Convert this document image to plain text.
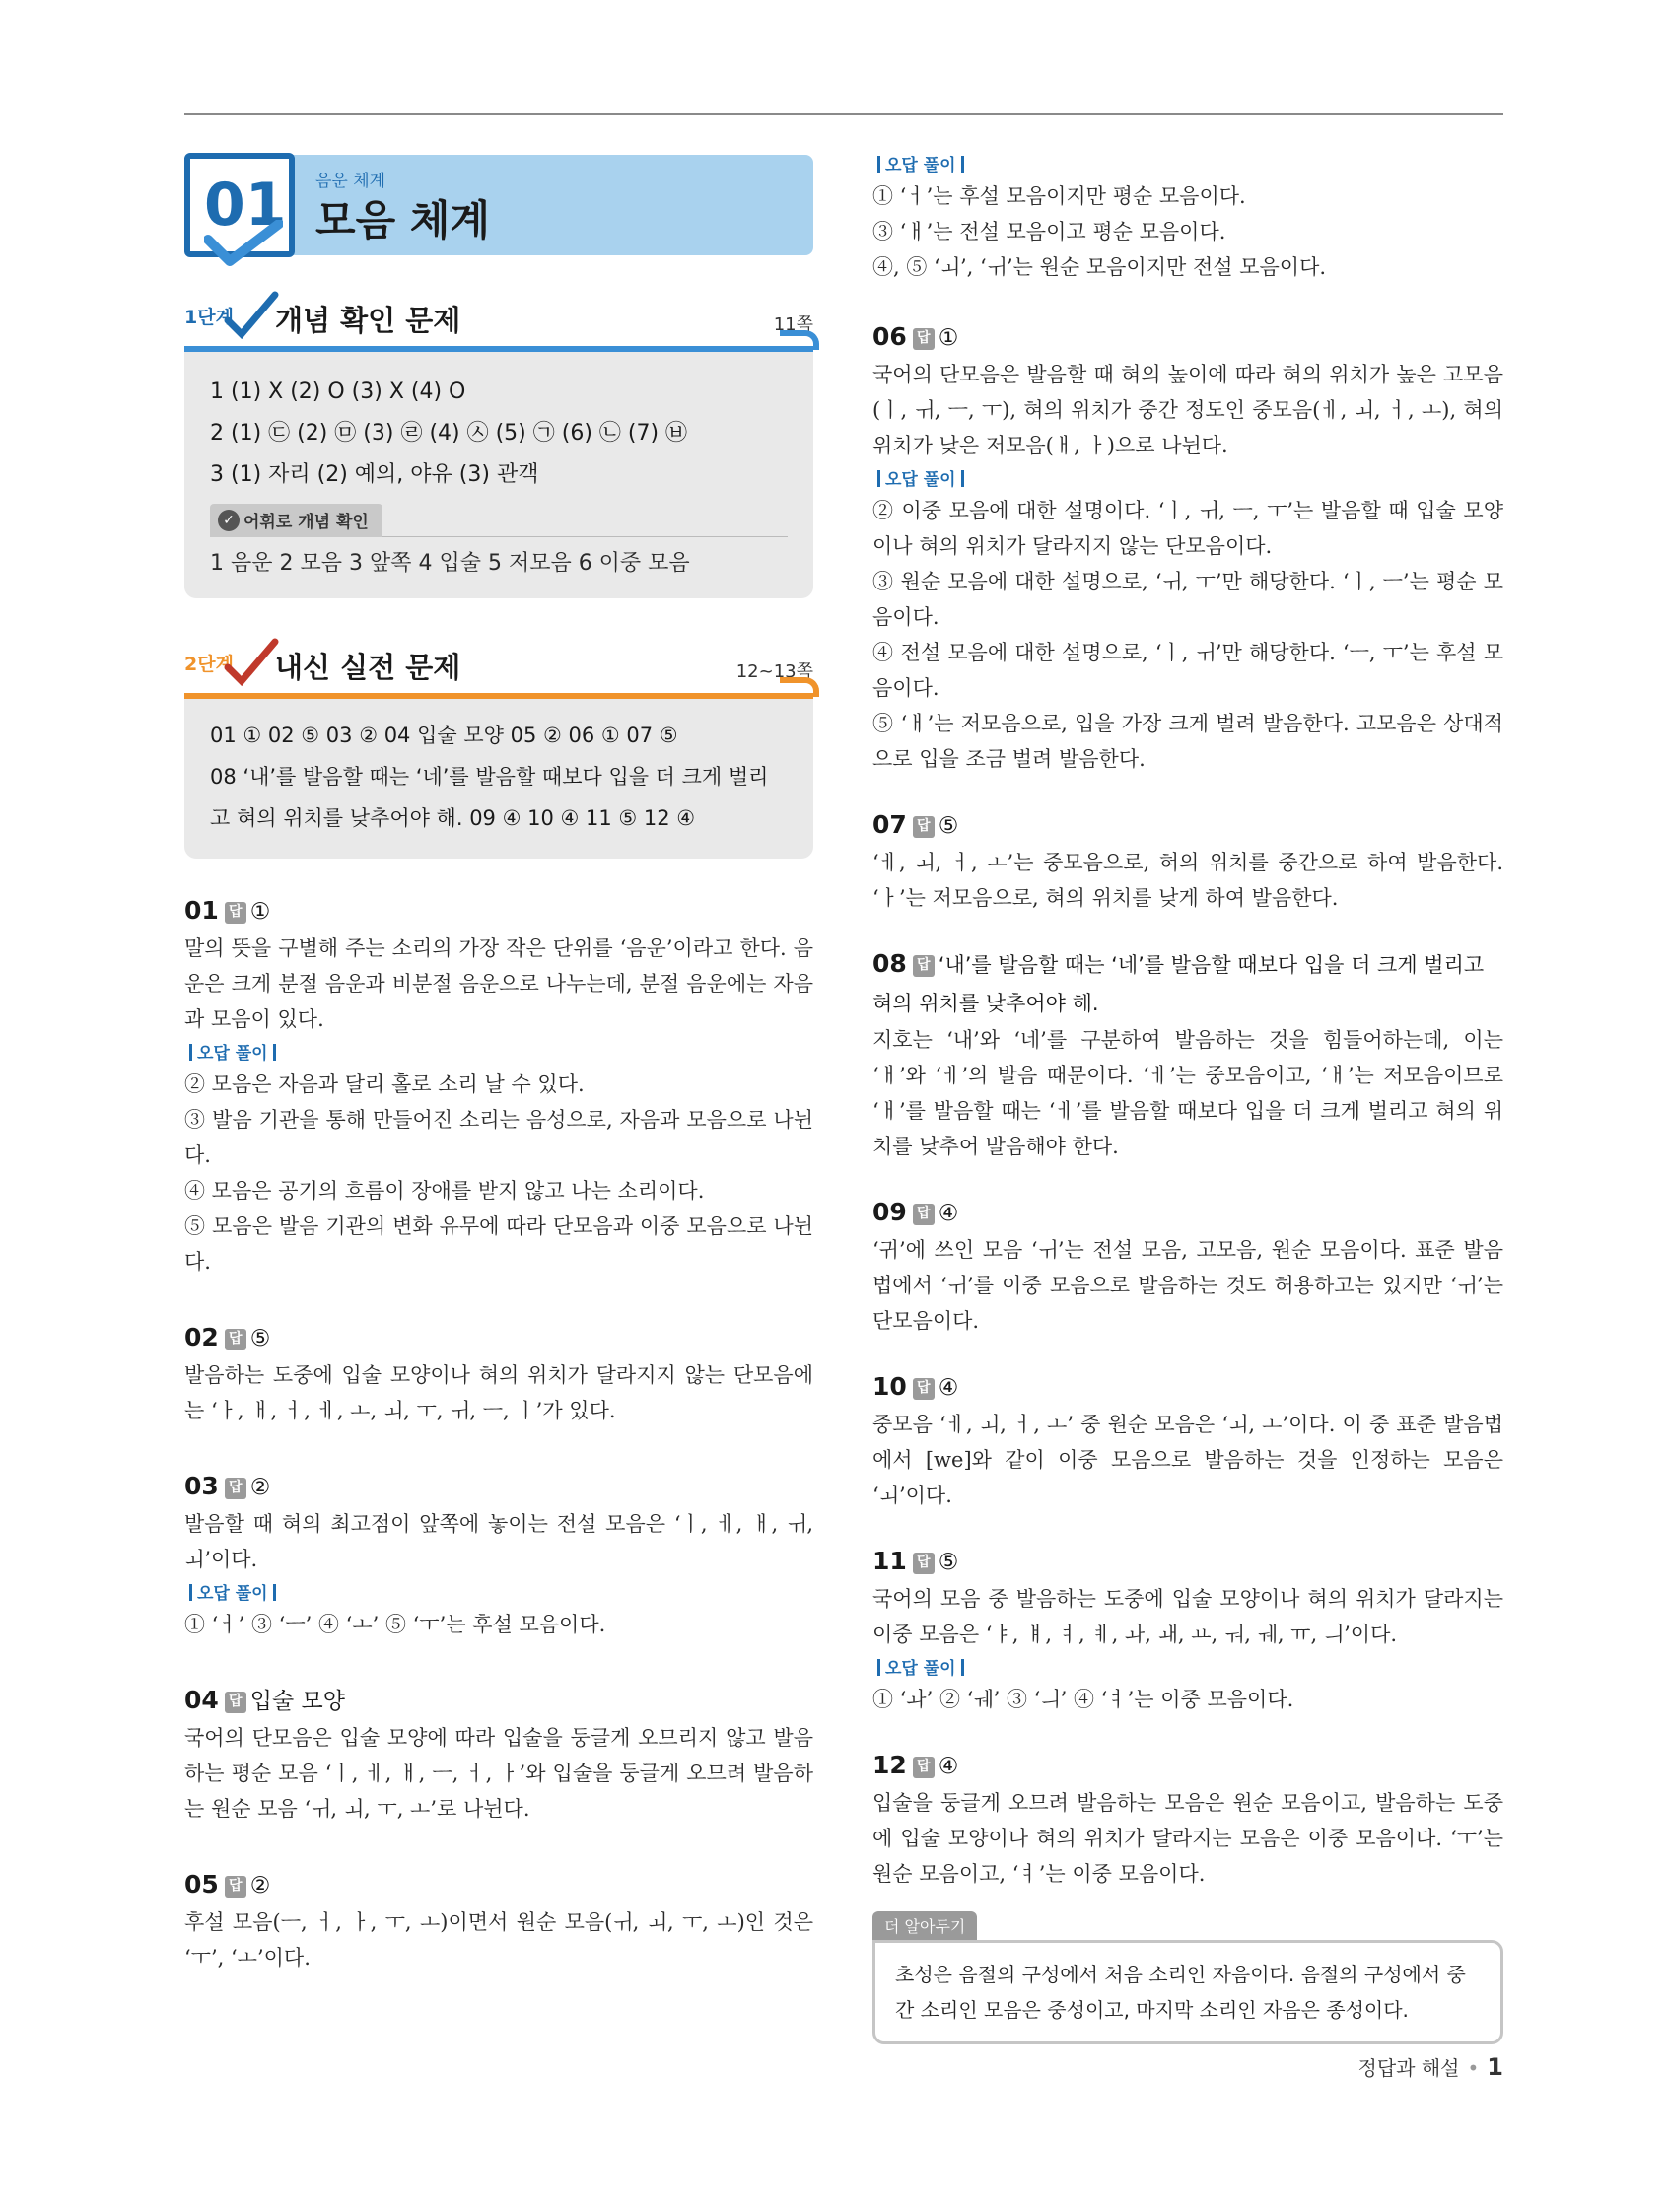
01 음운 체계
모음 체계
1단계 개념 확인 문제	11쪽
1 (1) X (2) O (3) X (4) O
2 (1) ㉢ (2) ㉤ (3) ㉣ (4) ㉦ (5) ㉠ (6) ㉡ (7) ㉥
3 (1) 자리 (2) 예의, 야유 (3) 관객
✓ 어휘로 개념 확인
1 음운 2 모음 3 앞쪽 4 입술 5 저모음 6 이중 모음
2단계 내신 실전 문제	12~13쪽
01 ① 02 ⑤ 03 ② 04 입술 모양 05 ② 06 ① 07 ⑤
08 ‘내’를 발음할 때는 ‘네’를 발음할 때보다 입을 더 크게 벌리
고 혀의 위치를 낮추어야 해. 09 ④ 10 ④ 11 ⑤ 12 ④
01 답 ①
말의 뜻을 구별해 주는 소리의 가장 작은 단위를 ‘음운’이라고 한다. 음운은 크게 분절 음운과 비분절 음운으로 나누는데, 분절 음운에는 자음과 모음이 있다.
오답 풀이
② 모음은 자음과 달리 홀로 소리 날 수 있다.
③ 발음 기관을 통해 만들어진 소리는 음성으로, 자음과 모음으로 나뉜다.
④ 모음은 공기의 흐름이 장애를 받지 않고 나는 소리이다.
⑤ 모음은 발음 기관의 변화 유무에 따라 단모음과 이중 모음으로 나뉜다.
02 답 ⑤
발음하는 도중에 입술 모양이나 혀의 위치가 달라지지 않는 단모음에는 ‘ㅏ, ㅐ, ㅓ, ㅔ, ㅗ, ㅚ, ㅜ, ㅟ, ㅡ, ㅣ’가 있다.
03 답 ②
발음할 때 혀의 최고점이 앞쪽에 놓이는 전설 모음은 ‘ㅣ, ㅔ, ㅐ, ㅟ, ㅚ’이다.
오답 풀이
① ‘ㅓ’ ③ ‘ㅡ’ ④ ‘ㅗ’ ⑤ ‘ㅜ’는 후설 모음이다.
04 답 입술 모양
국어의 단모음은 입술 모양에 따라 입술을 둥글게 오므리지 않고 발음하는 평순 모음 ‘ㅣ, ㅔ, ㅐ, ㅡ, ㅓ, ㅏ’와 입술을 둥글게 오므려 발음하는 원순 모음 ‘ㅟ, ㅚ, ㅜ, ㅗ’로 나뉜다.
05 답 ②
후설 모음(ㅡ, ㅓ, ㅏ, ㅜ, ㅗ)이면서 원순 모음(ㅟ, ㅚ, ㅜ, ㅗ)인 것은 ‘ㅜ’, ‘ㅗ’이다.
오답 풀이
① ‘ㅓ’는 후설 모음이지만 평순 모음이다.
③ ‘ㅐ’는 전설 모음이고 평순 모음이다.
④, ⑤ ‘ㅚ’, ‘ㅟ’는 원순 모음이지만 전설 모음이다.
06 답 ①
국어의 단모음은 발음할 때 혀의 높이에 따라 혀의 위치가 높은 고모음(ㅣ, ㅟ, ㅡ, ㅜ), 혀의 위치가 중간 정도인 중모음(ㅔ, ㅚ, ㅓ, ㅗ), 혀의 위치가 낮은 저모음(ㅐ, ㅏ)으로 나뉜다.
오답 풀이
② 이중 모음에 대한 설명이다. ‘ㅣ, ㅟ, ㅡ, ㅜ’는 발음할 때 입술 모양이나 혀의 위치가 달라지지 않는 단모음이다.
③ 원순 모음에 대한 설명으로, ‘ㅟ, ㅜ’만 해당한다. ‘ㅣ, ㅡ’는 평순 모음이다.
④ 전설 모음에 대한 설명으로, ‘ㅣ, ㅟ’만 해당한다. ‘ㅡ, ㅜ’는 후설 모음이다.
⑤ ‘ㅐ’는 저모음으로, 입을 가장 크게 벌려 발음한다. 고모음은 상대적으로 입을 조금 벌려 발음한다.
07 답 ⑤
‘ㅔ, ㅚ, ㅓ, ㅗ’는 중모음으로, 혀의 위치를 중간으로 하여 발음한다. ‘ㅏ’는 저모음으로, 혀의 위치를 낮게 하여 발음한다.
08 답 ‘내’를 발음할 때는 ‘네’를 발음할 때보다 입을 더 크게 벌리고 혀의 위치를 낮추어야 해.
지호는 ‘내’와 ‘네’를 구분하여 발음하는 것을 힘들어하는데, 이는 ‘ㅐ’와 ‘ㅔ’의 발음 때문이다. ‘ㅔ’는 중모음이고, ‘ㅐ’는 저모음이므로 ‘ㅐ’를 발음할 때는 ‘ㅔ’를 발음할 때보다 입을 더 크게 벌리고 혀의 위치를 낮추어 발음해야 한다.
09 답 ④
‘귀’에 쓰인 모음 ‘ㅟ’는 전설 모음, 고모음, 원순 모음이다. 표준 발음법에서 ‘ㅟ’를 이중 모음으로 발음하는 것도 허용하고는 있지만 ‘ㅟ’는 단모음이다.
10 답 ④
중모음 ‘ㅔ, ㅚ, ㅓ, ㅗ’ 중 원순 모음은 ‘ㅚ, ㅗ’이다. 이 중 표준 발음법에서 [we]와 같이 이중 모음으로 발음하는 것을 인정하는 모음은 ‘ㅚ’이다.
11 답 ⑤
국어의 모음 중 발음하는 도중에 입술 모양이나 혀의 위치가 달라지는 이중 모음은 ‘ㅑ, ㅒ, ㅕ, ㅖ, ㅘ, ㅙ, ㅛ, ㅝ, ㅞ, ㅠ, ㅢ’이다.
오답 풀이
① ‘ㅘ’ ② ‘ㅞ’ ③ ‘ㅢ’ ④ ‘ㅕ’는 이중 모음이다.
12 답 ④
입술을 둥글게 오므려 발음하는 모음은 원순 모음이고, 발음하는 도중에 입술 모양이나 혀의 위치가 달라지는 모음은 이중 모음이다. ‘ㅜ’는 원순 모음이고, ‘ㅕ’는 이중 모음이다.
더 알아두기
초성은 음절의 구성에서 처음 소리인 자음이다. 음절의 구성에서 중간 소리인 모음은 중성이고, 마지막 소리인 자음은 종성이다.
정답과 해설 • 1
